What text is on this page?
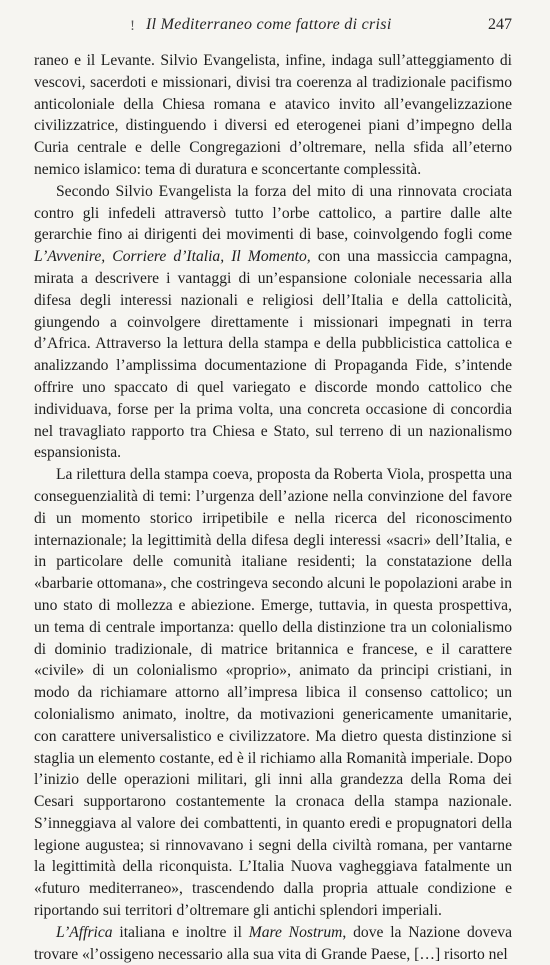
! Il Mediterraneo come fattore di crisi	247

raneo e il Levante. Silvio Evangelista, infine, indaga sull’atteggiamento di vescovi, sacerdoti e missionari, divisi tra coerenza al tradizionale pacifismo anticoloniale della Chiesa romana e atavico invito all’evangelizzazione civilizzatrice, distinguendo i diversi ed eterogenei piani d’impegno della Curia centrale e delle Congregazioni d’oltremare, nella sfida all’eterno nemico islamico: tema di duratura e sconcertante complessità.

Secondo Silvio Evangelista la forza del mito di una rinnovata crociata contro gli infedeli attraversò tutto l’orbe cattolico, a partire dalle alte gerarchie fino ai dirigenti dei movimenti di base, coinvolgendo fogli come L’Avvenire, Corriere d’Italia, Il Momento, con una massiccia campagna, mirata a descrivere i vantaggi di un’espansione coloniale necessaria alla difesa degli interessi nazionali e religiosi dell’Italia e della cattolicità, giungendo a coinvolgere direttamente i missionari impegnati in terra d’Africa. Attraverso la lettura della stampa e della pubblicistica cattolica e analizzando l’amplissima documentazione di Propaganda Fide, s’intende offrire uno spaccato di quel variegato e discorde mondo cattolico che individuava, forse per la prima volta, una concreta occasione di concordia nel travagliato rapporto tra Chiesa e Stato, sul terreno di un nazionalismo espansionista.

La rilettura della stampa coeva, proposta da Roberta Viola, prospetta una conseguenzialità di temi: l’urgenza dell’azione nella convinzione del favore di un momento storico irripetibile e nella ricerca del riconoscimento internazionale; la legittimità della difesa degli interessi «sacri» dell’Italia, e in particolare delle comunità italiane residenti; la constatazione della «barbarie ottomana», che costringeva secondo alcuni le popolazioni arabe in uno stato di mollezza e abiezione. Emerge, tuttavia, in questa prospettiva, un tema di centrale importanza: quello della distinzione tra un colonialismo di dominio tradizionale, di matrice britannica e francese, e il carattere «civile» di un colonialismo «proprio», animato da principi cristiani, in modo da richiamare attorno all’impresa libica il consenso cattolico; un colonialismo animato, inoltre, da motivazioni genericamente umanitarie, con carattere universalistico e civilizzatore. Ma dietro questa distinzione si staglia un elemento costante, ed è il richiamo alla Romanità imperiale. Dopo l’inizio delle operazioni militari, gli inni alla grandezza della Roma dei Cesari supportarono costantemente la cronaca della stampa nazionale. S’inneggiava al valore dei combattenti, in quanto eredi e propugnatori della legione augustea; si rinnovavano i segni della civiltà romana, per vantarne la legittimità della riconquista. L’Italia Nuova vagheggiava fatalmente un «futuro mediterraneo», trascendendo dalla propria attuale condizione e riportando sui territori d’oltremare gli antichi splendori imperiali.

L’Affrica italiana e inoltre il Mare Nostrum, dove la Nazione doveva trovare «l’ossigeno necessario alla sua vita di Grande Paese, […] risorto nel
